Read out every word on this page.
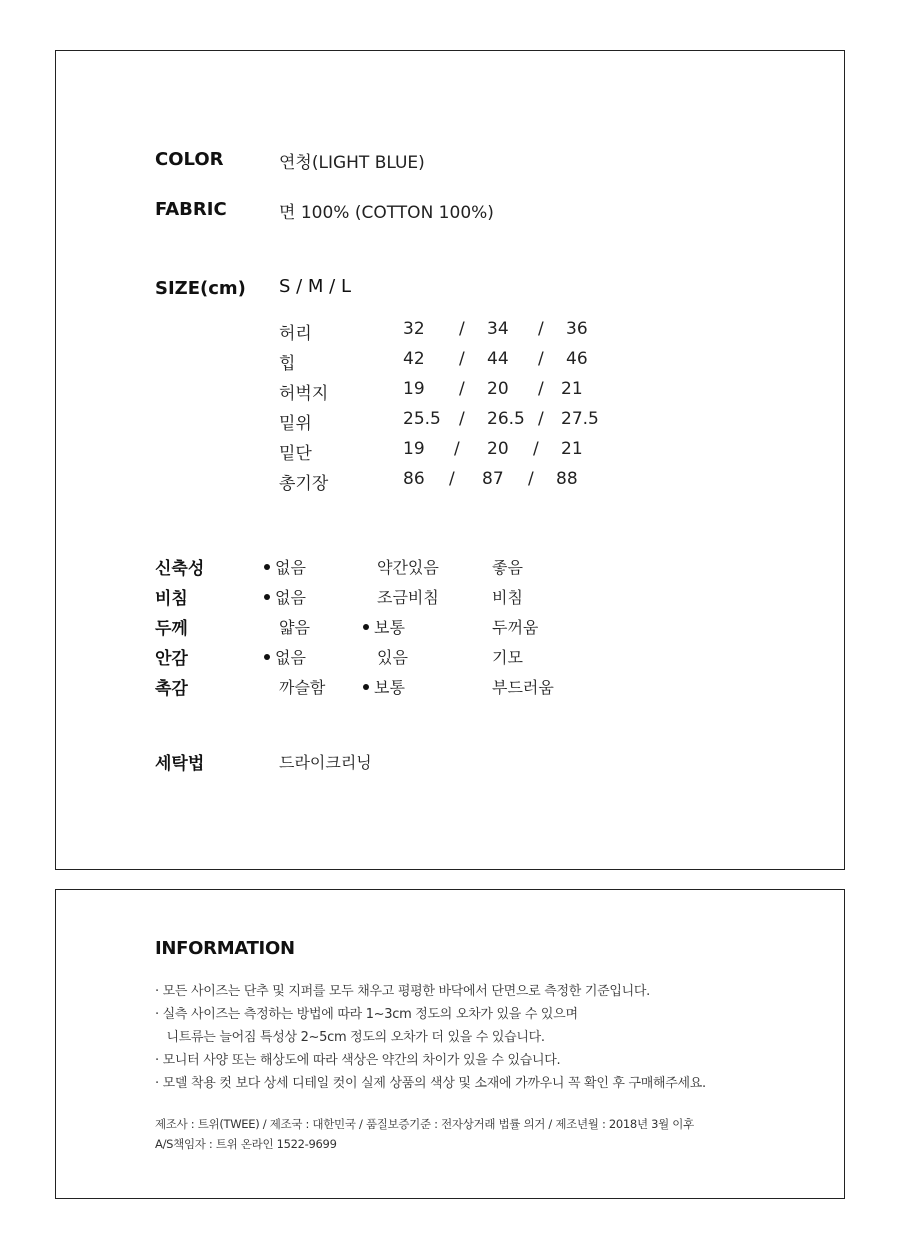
COLOR	연청(LIGHT BLUE)
FABRIC	면 100% (COTTON 100%)
SIZE(cm) S / M / L
허리	32 / 34 / 36
힙	42 / 44 / 46
허벅지	19 / 20 / 21
밑위	25.5 / 26.5 / 27.5
밑단	19 / 20 / 21
총기장	86 / 87 / 88
신축성	없음	약간있음	좋음
비침	없음	조금비침	비침
두께	얇음	보통	두꺼움
안감	없음	있음	기모
촉감	까슬함	보통	부드러움
세탁법	드라이크리닝
INFORMATION
· 모든 사이즈는 단추 및 지퍼를 모두 채우고 평평한 바닥에서 단면으로 측정한 기준입니다.
· 실측 사이즈는 측정하는 방법에 따라 1~3cm 정도의 오차가 있을 수 있으며
니트류는 늘어짐 특성상 2~5cm 정도의 오차가 더 있을 수 있습니다.
· 모니터 사양 또는 해상도에 따라 색상은 약간의 차이가 있을 수 있습니다.
· 모델 착용 컷 보다 상세 디테일 컷이 실제 상품의 색상 및 소재에 가까우니 꼭 확인 후 구매해주세요.
제조사 : 트위(TWEE) / 제조국 : 대한민국 / 품질보증기준 : 전자상거래 법률 의거 / 제조년월 : 2018년 3월 이후
A/S책임자 : 트위 온라인 1522-9699
